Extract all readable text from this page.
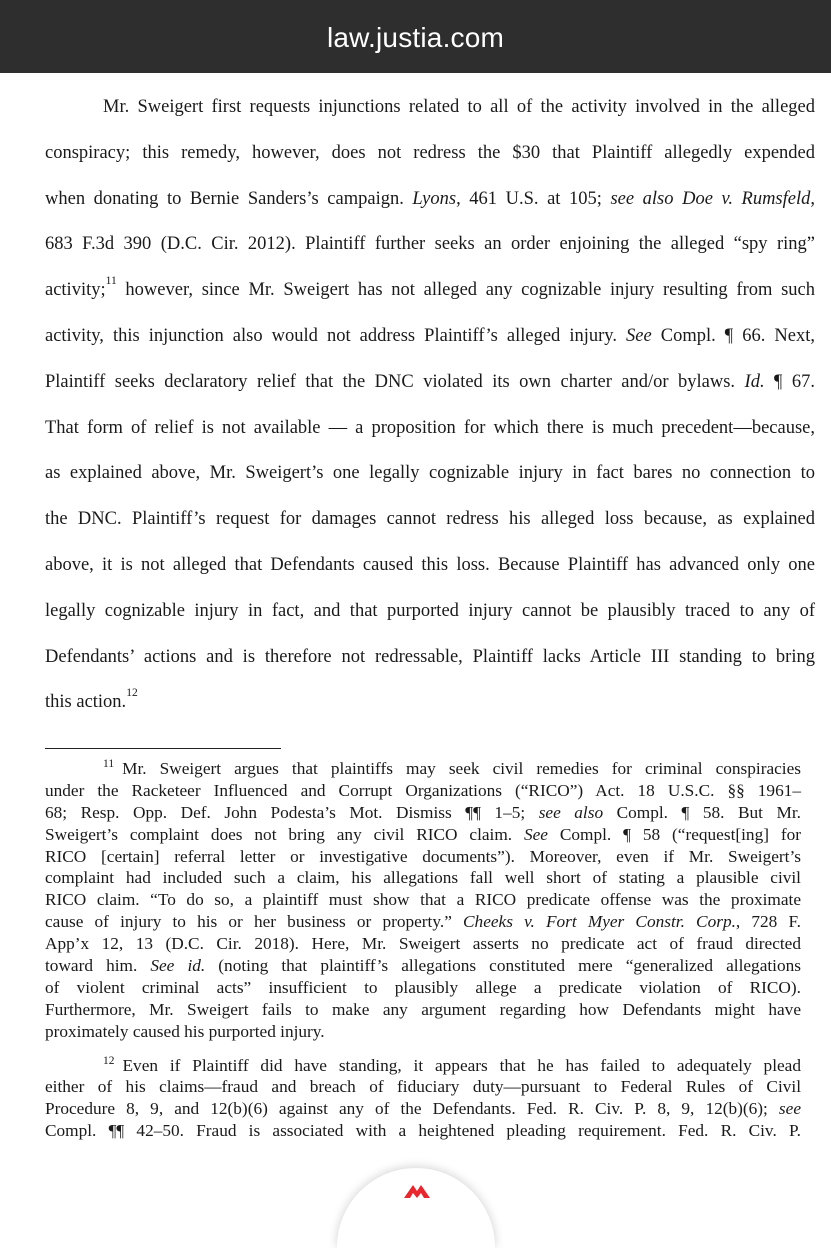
law.justia.com
Mr. Sweigert first requests injunctions related to all of the activity involved in the alleged
conspiracy; this remedy, however, does not redress the $30 that Plaintiff allegedly expended
when donating to Bernie Sanders’s campaign. Lyons, 461 U.S. at 105; see also Doe v. Rumsfeld,
683 F.3d 390 (D.C. Cir. 2012). Plaintiff further seeks an order enjoining the alleged “spy ring”
activity;$^{11}$ however, since Mr. Sweigert has not alleged any cognizable injury resulting from such
activity, this injunction also would not address Plaintiff’s alleged injury. See Compl. ¶ 66. Next,
Plaintiff seeks declaratory relief that the DNC violated its own charter and/or bylaws. Id. ¶ 67.
That form of relief is not available — a proposition for which there is much precedent—because,
as explained above, Mr. Sweigert’s one legally cognizable injury in fact bares no connection to
the DNC. Plaintiff’s request for damages cannot redress his alleged loss because, as explained
above, it is not alleged that Defendants caused this loss. Because Plaintiff has advanced only one
legally cognizable injury in fact, and that purported injury cannot be plausibly traced to any of
Defendants’ actions and is therefore not redressable, Plaintiff lacks Article III standing to bring
this action.$^{12}$
$^{11}$ Mr. Sweigert argues that plaintiffs may seek civil remedies for criminal conspiracies
under the Racketeer Influenced and Corrupt Organizations (“RICO”) Act. 18 U.S.C. §§ 1961–
68; Resp. Opp. Def. John Podesta’s Mot. Dismiss ¶¶ 1–5; see also Compl. ¶ 58. But Mr.
Sweigert’s complaint does not bring any civil RICO claim. See Compl. ¶ 58 (“request[ing] for
RICO [certain] referral letter or investigative documents”). Moreover, even if Mr. Sweigert’s
complaint had included such a claim, his allegations fall well short of stating a plausible civil
RICO claim. “To do so, a plaintiff must show that a RICO predicate offense was the proximate
cause of injury to his or her business or property.” Cheeks v. Fort Myer Constr. Corp., 728 F.
App’x 12, 13 (D.C. Cir. 2018). Here, Mr. Sweigert asserts no predicate act of fraud directed
toward him. See id. (noting that plaintiff’s allegations constituted mere “generalized allegations
of violent criminal acts” insufficient to plausibly allege a predicate violation of RICO).
Furthermore, Mr. Sweigert fails to make any argument regarding how Defendants might have
proximately caused his purported injury.
$^{12}$ Even if Plaintiff did have standing, it appears that he has failed to adequately plead
either of his claims—fraud and breach of fiduciary duty—pursuant to Federal Rules of Civil
Procedure 8, 9, and 12(b)(6) against any of the Defendants. Fed. R. Civ. P. 8, 9, 12(b)(6); see
Compl. ¶¶ 42–50. Fraud is associated with a heightened pleading requirement. Fed. R. Civ. P.
